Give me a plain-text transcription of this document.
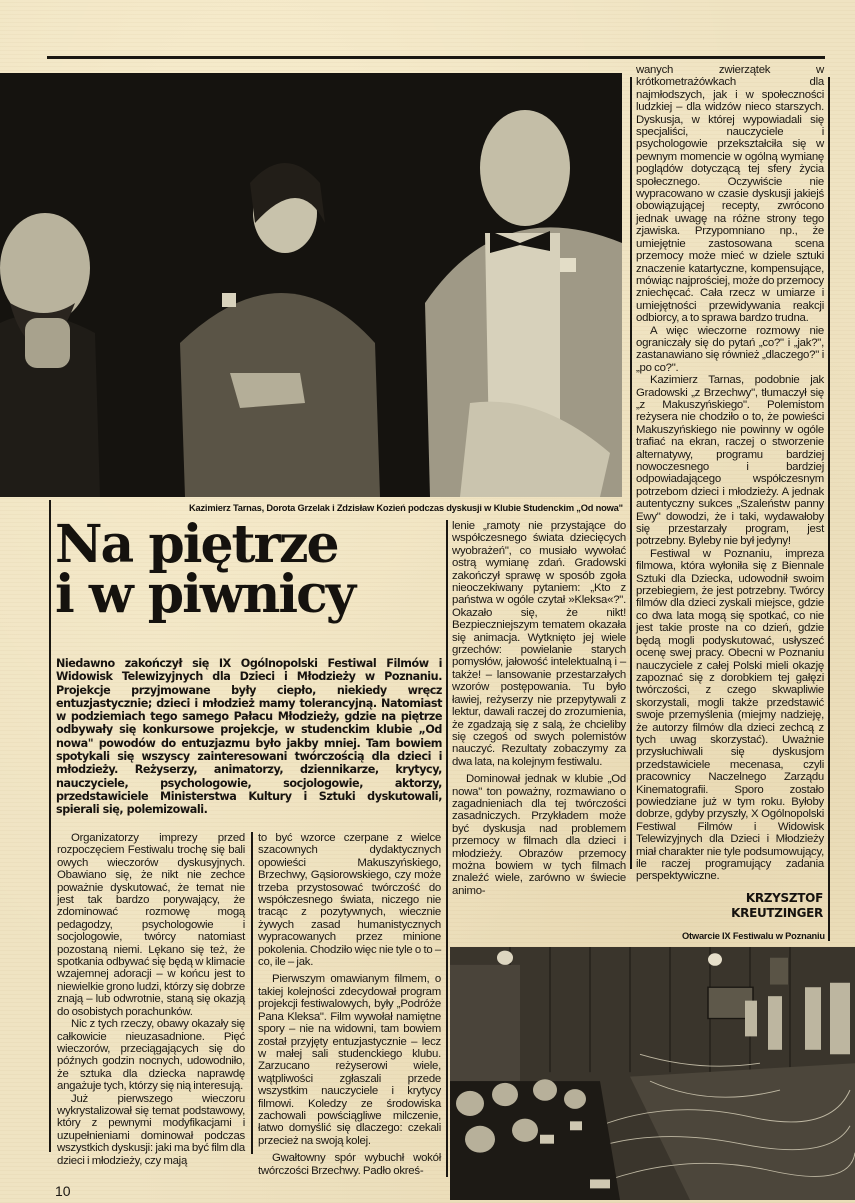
Kazimierz Tarnas, Dorota Grzelak i Zdzisław Kozień podczas dyskusji w Klubie Studenckim „Od nowa"
Na piętrze
i w piwnicy
Niedawno zakończył się IX Ogólnopolski Festiwal Filmów i Widowisk Telewizyjnych dla Dzieci i Młodzieży w Poznaniu. Projekcje przyjmowane były ciepło, niekiedy wręcz entuzjastycznie; dzieci i młodzież mamy tolerancyjną. Natomiast w podziemiach tego samego Pałacu Młodzieży, gdzie na piętrze odbywały się konkursowe projekcje, w studenckim klubie „Od nowa" powodów do entuzjazmu było jakby mniej. Tam bowiem spotykali się wszyscy zainteresowani twórczością dla dzieci i młodzieży. Reżyserzy, animatorzy, dziennikarze, krytycy, nauczyciele, psychologowie, socjologowie, aktorzy, przedstawiciele Ministerstwa Kultury i Sztuki dyskutowali, spierali się, polemizowali.

Organizatorzy imprezy przed rozpoczęciem Festiwalu trochę się bali owych wieczorów dyskusyjnych. Obawiano się, że nikt nie zechce poważnie dyskutować, że temat nie jest tak bardzo porywający, że zdominować rozmowę mogą pedagodzy, psychologowie i socjologowie, twórcy natomiast pozostaną niemi. Lękano się też, że spotkania odbywać się będą w klimacie wzajemnej adoracji – w końcu jest to niewielkie grono ludzi, którzy się dobrze znają – lub odwrotnie, staną się okazją do osobistych porachunków.

Nic z tych rzeczy, obawy okazały się całkowicie nieuzasadnione. Pięć wieczorów, przeciągających się do późnych godzin nocnych, udowodniło, że sztuka dla dziecka naprawdę angażuje tych, którzy się nią interesują.

Już pierwszego wieczoru wykrystalizował się temat podstawowy, który z pewnymi modyfikacjami i uzupełnieniami dominował podczas wszystkich dyskusji: jaki ma być film dla dzieci i młodzieży, czy mają

to być wzorce czerpane z wielce szacownych dydaktycznych opowieści Makuszyńskiego, Brzechwy, Gąsiorowskiego, czy może trzeba przystosować twórczość do współczesnego świata, niczego nie tracąc z pozytywnych, wiecznie żywych zasad humanistycznych wypracowanych przez minione pokolenia. Chodziło więc nie tyle o to – co, ile – jak.

Pierwszym omawianym filmem, o takiej kolejności zdecydował program projekcji festiwalowych, były „Podróże Pana Kleksa". Film wywołał namiętne spory – nie na widowni, tam bowiem został przyjęty entuzjastycznie – lecz w małej sali studenckiego klubu. Zarzucano reżyserowi wiele, wątpliwości zgłaszali przede wszystkim nauczyciele i krytycy filmowi. Koledzy ze środowiska zachowali powściągliwe milczenie, łatwo domyślić się dlaczego: czekali przecież na swoją kolej.

Gwałtowny spór wybuchł wokół twórczości Brzechwy. Padło okreś-

lenie „ramoty nie przystające do współczesnego świata dziecięcych wyobrażeń", co musiało wywołać ostrą wymianę zdań. Gradowski zakończył sprawę w sposób zgoła nieoczekiwany pytaniem: „Kto z państwa w ogóle czytał »Kleksa«?". Okazało się, że nikt! Bezpieczniejszym tematem okazała się animacja. Wytknięto jej wiele grzechów: powielanie starych pomysłów, jałowość intelektualną i – także! – lansowanie przestarzałych wzorów postępowania. Tu było ławiej, reżyserzy nie przepytywali z lektur, dawali raczej do zrozumienia, że zgadzają się z salą, że chcieliby się czegoś od swych polemistów nauczyć. Rezultaty zobaczymy za dwa lata, na kolejnym festiwalu.

Dominował jednak w klubie „Od nowa" ton poważny, rozmawiano o zagadnieniach dla tej twórczości zasadniczych. Przykładem może być dyskusja nad problemem przemocy w filmach dla dzieci i młodzieży. Obrazów przemocy można bowiem w tych filmach znaleźć wiele, zarówno w świecie animo-

wanych zwierzątek w krótkometrażówkach dla najmłodszych, jak i w społeczności ludzkiej – dla widzów nieco starszych. Dyskusja, w której wypowiadali się specjaliści, nauczyciele i psychologowie przekształciła się w pewnym momencie w ogólną wymianę poglądów dotyczącą tej sfery życia społecznego. Oczywiście nie wypracowano w czasie dyskusji jakiejś obowiązującej recepty, zwrócono jednak uwagę na różne strony tego zjawiska. Przypomniano np., że umiejętnie zastosowana scena przemocy może mieć w dziele sztuki znaczenie katartyczne, kompensujące, mówiąc najprościej, może do przemocy zniechęcać. Cała rzecz w umiarze i umiejętności przewidywania reakcji odbiorcy, a to sprawa bardzo trudna.

A więc wieczorne rozmowy nie ograniczały się do pytań „co?" i „jak?", zastanawiano się również „dlaczego?" i „po co?".

Kazimierz Tarnas, podobnie jak Gradowski „z Brzechwy", tłumaczył się „z Makuszyńskiego". Polemistom reżysera nie chodziło o to, że powieści Makuszyńskiego nie powinny w ogóle trafiać na ekran, raczej o stworzenie alternatywy, programu bardziej nowoczesnego i bardziej odpowiadającego współczesnym potrzebom dzieci i młodzieży. A jednak autentyczny sukces „Szaleństw panny Ewy" dowodzi, że i taki, wydawałoby się przestarzały program, jest potrzebny. Byleby nie był jedyny!

Festiwal w Poznaniu, impreza filmowa, która wyłoniła się z Biennale Sztuki dla Dziecka, udowodnił swoim przebiegiem, że jest potrzebny. Twórcy filmów dla dzieci zyskali miejsce, gdzie co dwa lata mogą się spotkać, co nie jest takie proste na co dzień, gdzie będą mogli podyskutować, usłyszeć ocenę swej pracy. Obecni w Poznaniu nauczyciele z całej Polski mieli okazję zapoznać się z dorobkiem tej gałęzi twórczości, z czego skwapliwie skorzystali, mogli także przedstawić swoje przemyślenia (miejmy nadzieję, że autorzy filmów dla dzieci zechcą z tych uwag skorzystać). Uważnie przysłuchiwali się dyskusjom przedstawiciele mecenasa, czyli pracownicy Naczelnego Zarządu Kinematografii. Sporo zostało powiedziane już w tym roku. Byłoby dobrze, gdyby przyszły, X Ogólnopolski Festiwal Filmów i Widowisk Telewizyjnych dla Dzieci i Młodzieży miał charakter nie tyle podsumowujący, ile raczej programujący zadania perspektywiczne.

KRZYSZTOF
KREUTZINGER
Otwarcie IX Festiwalu w Poznaniu
10
